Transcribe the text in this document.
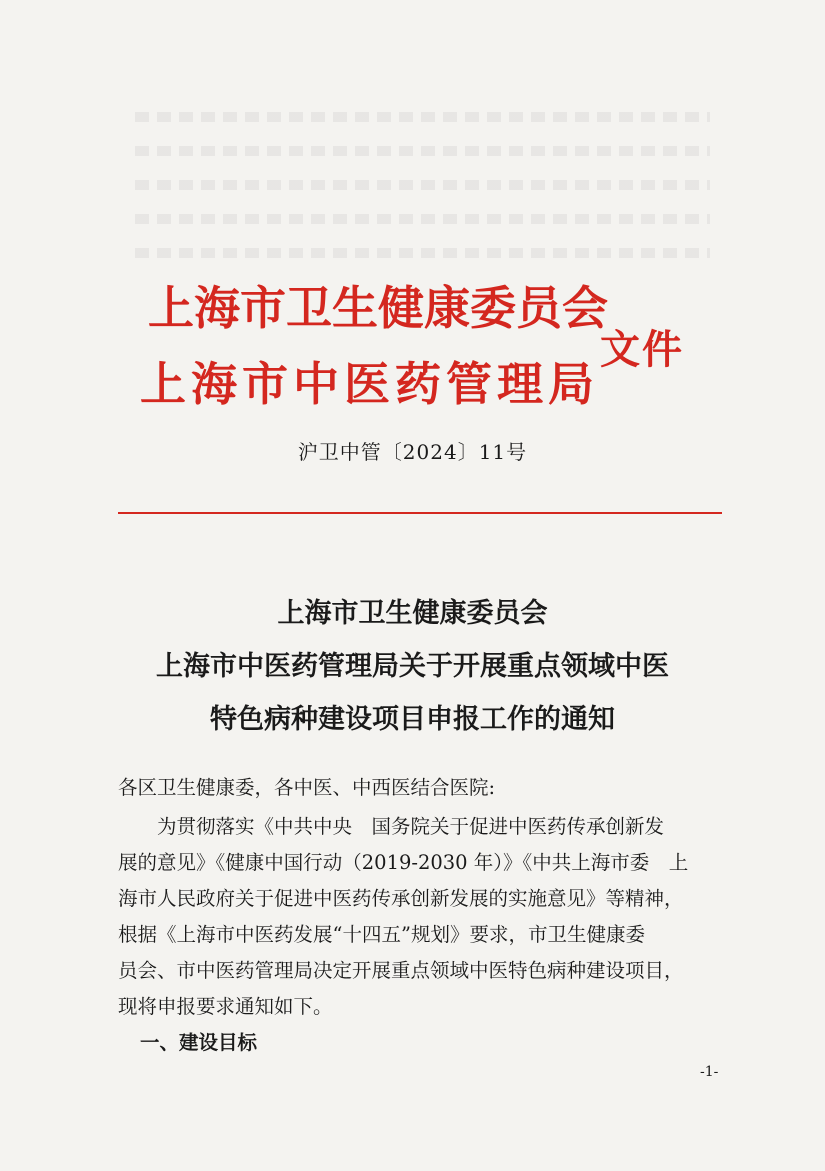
上海市卫生健康委员会
上海市中医药管理局
文件
沪卫中管〔2024〕11号
上海市卫生健康委员会
上海市中医药管理局关于开展重点领域中医
特色病种建设项目申报工作的通知
各区卫生健康委，各中医、中西医结合医院:
　　为贯彻落实《中共中央　国务院关于促进中医药传承创新发
展的意见》《健康中国行动（2019-2030 年）》《中共上海市委　上
海市人民政府关于促进中医药传承创新发展的实施意见》等精神，
根据《上海市中医药发展“十四五”规划》要求，市卫生健康委
员会、市中医药管理局决定开展重点领域中医特色病种建设项目，
现将申报要求通知如下。
一、建设目标
-1-
